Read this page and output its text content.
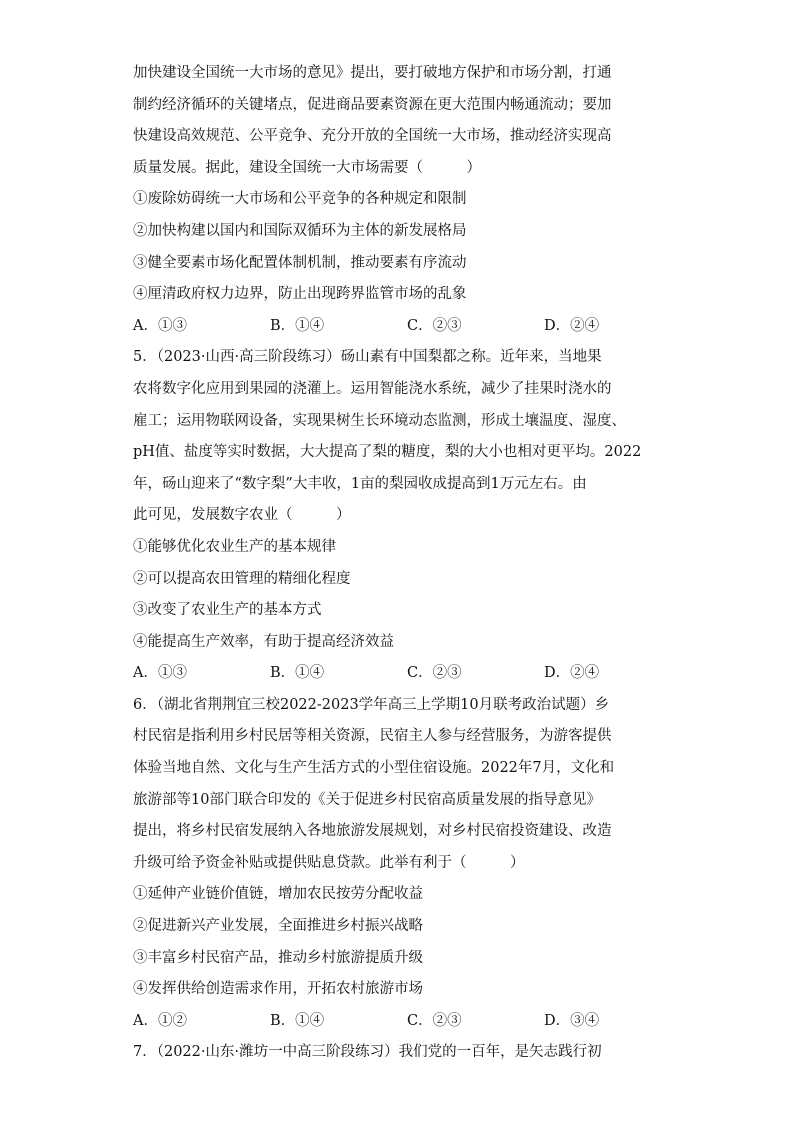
加快建设全国统一大市场的意见》提出，要打破地方保护和市场分割，打通
制约经济循环的关键堵点，促进商品要素资源在更大范围内畅通流动；要加
快建设高效规范、公平竞争、充分开放的全国统一大市场，推动经济实现高
质量发展。据此，建设全国统一大市场需要（　　　）

①废除妨碍统一大市场和公平竞争的各种规定和限制
②加快构建以国内和国际双循环为主体的新发展格局
③健全要素市场化配置体制机制，推动要素有序流动
④厘清政府权力边界，防止出现跨界监管市场的乱象
A．①③	B．①④	C．②③	D．②④

5．（2023·山西·高三阶段练习）砀山素有中国梨都之称。近年来，当地果
农将数字化应用到果园的浇灌上。运用智能浇水系统，减少了挂果时浇水的
雇工；运用物联网设备，实现果树生长环境动态监测，形成土壤温度、湿度、
pH值、盐度等实时数据，大大提高了梨的糖度，梨的大小也相对更平均。2022
年，砀山迎来了“数字梨”大丰收，1亩的梨园收成提高到1万元左右。由
此可见，发展数字农业（　　　）

①能够优化农业生产的基本规律
②可以提高农田管理的精细化程度
③改变了农业生产的基本方式
④能提高生产效率，有助于提高经济效益
A．①③	B．①④	C．②③	D．②④

6．（湖北省荆荆宜三校2022-2023学年高三上学期10月联考政治试题）乡
村民宿是指利用乡村民居等相关资源，民宿主人参与经营服务，为游客提供
体验当地自然、文化与生产生活方式的小型住宿设施。2022年7月，文化和
旅游部等10部门联合印发的《关于促进乡村民宿高质量发展的指导意见》
提出，将乡村民宿发展纳入各地旅游发展规划，对乡村民宿投资建设、改造
升级可给予资金补贴或提供贴息贷款。此举有利于（　　　）

①延伸产业链价值链，增加农民按劳分配收益
②促进新兴产业发展，全面推进乡村振兴战略
③丰富乡村民宿产品，推动乡村旅游提质升级
④发挥供给创造需求作用，开拓农村旅游市场
A．①②	B．①④	C．②③	D．③④

7．（2022·山东·潍坊一中高三阶段练习）我们党的一百年，是矢志践行初
